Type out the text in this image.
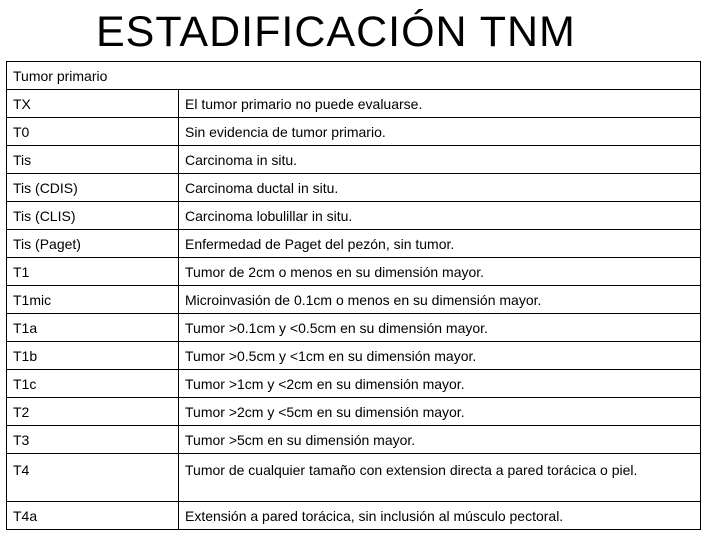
ESTADIFICACIÓN TNM
Tumor primario	
TX	El tumor primario no puede evaluarse.
T0	Sin evidencia de tumor primario.
Tis	Carcinoma in situ.
Tis (CDIS)	Carcinoma ductal in situ.
Tis (CLIS)	Carcinoma lobulillar in situ.
Tis (Paget)	Enfermedad de Paget del pezón, sin tumor.
T1	Tumor de 2cm o menos en su dimensión mayor.
T1mic	Microinvasión de 0.1cm o menos en su dimensión mayor.
T1a	Tumor >0.1cm y <0.5cm en su dimensión mayor.
T1b	Tumor >0.5cm y <1cm en su dimensión mayor.
T1c	Tumor >1cm y <2cm en su dimensión mayor.
T2	Tumor >2cm y <5cm en su dimensión mayor.
T3	Tumor >5cm en su dimensión mayor.
T4	Tumor de cualquier tamaño con extension directa a pared torácica o piel.
T4a	Extensión a pared torácica, sin inclusión al músculo pectoral.
